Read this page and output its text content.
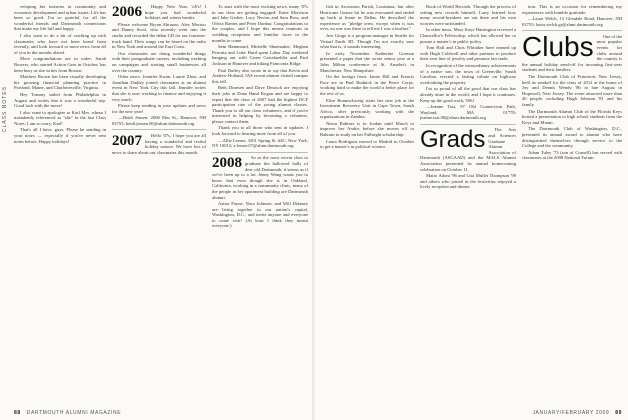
CLASS NOTES

veloping her interests in community and economic development and urban issues. Life has been so good. I'm so grateful for all the wonderful friends and Dartmouth connections that make my life full and happy.

I also want to do a bit of catching up with classmates who have not been heard from recently, and look forward to more news from all of you in the months ahead.

More congratulations are in order: Sarah Bowers, who started Action Gear in October, has been busy as she writes from Boston.

Matthew Brown has been visually developing his growing financial planning practice in Portland, Maine, and Charlottesville, Virginia.

Hey Tommy sailed from Philadelphia in August and writes that it was a wonderful trip. Good luck with the move!

I also want to apologize to Karl Mer, whom I mistakenly referenced as "she" in the last Class Notes. I am so sorry, Karl!

That's all I have, guys. Please be sending in your notes — especially if you've never sent notes before. Happy holidays!

2006	Happy New Year, 'o6's! I hope you had wonderful holidays and winter breaks.

Please welcome Bryan Abruzzo, Alex Morriss and Danny Scott, who recently went into the studio and recorded the debut CD for our fourteen-track band. Their songs can be heard on the radio in New York and around the East Coast.

Our classmates are doing wonderful things with their postgraduate careers, including working on campaigns and starting small businesses all over the country.

Other news: Jennifer Kwan, Laurie Zhou, and Jonathan Dudley joined classmates at an alumni event in New York City this fall. Jennifer writes that she is now working in finance and enjoying it very much.

Please keep sending in your updates and news for the new year!

—Heidi Jensen, 2006 Elm St., Hanover, NH 03755; heidi.jensen.06@alum.dartmouth.org

2007	Hello '07s, I hope you are all having a wonderful and restful holiday season. We have lots of news to share about our classmates this month.

To start with the most exciting news, many '07s in our class are getting engaged: Katie Morrison and Jake Gerber, Lucy Nevins and Sam Ross, and Olivia Barnes and Peter Dunbar. Congratulations to the couples, and I hope this means reunions in wedding receptions and familiar faces in the months to come.

Sam Hammond, Michelle Shuemaker, Meghan Perrotta and Luke Hurd spent Labor Day weekend hanging out with Gwen Geissbuehler and Paul Jackson in Hanover and hiking Franconia Ridge.

Paul Duffey also wrote in to say that Kevin and Andrew Holland, IAS recent alumni visited campus this fall.

Beth Dinesen and Dave Deutsch are enjoying their jobs at Dana Hand Kogan and are happy to report that the class of 2007 had the highest DCF participation rate of the young alumni classes. Thank you to all our class volunteers, and if you're interested in helping by becoming a volunteer, please contact them.

Thank you to all those who sent in updates. I look forward to hearing more from all of you.

—Allie Lerner, 3301 Spring St. #4C, New York, NY 10013; a.lerner.07@alum.dartmouth.org

2008	So as the most recent class to graduate the hallowed halls of dear old Dartmouth, it seems as if we've been up to a lot. Jenny Wang wants you to know that even though she is in Oakland, California, working in a community clinic, many of the people in her apartment building are Dartmouth alumni.

Aaron Payne, Nora Johnson, and Will Delaney are living together in our nation's capital, Washington, D.C., and invite anyone and everyone to come visit! (At least I think they meant everyone.)

88 DARTMOUTH ALUMNI MAGAZINE

fish in Ascension Parish, Louisiana, but after Hurricane Gustav hit he was evacuated and ended up back at home in Dallas. He described the experience as "pledge term, except when it was over, no one was there to tell me I was a brother."

Jess Giugo is a program manager in Seattle for Virtual Earth 3D. Though I'm not exactly sure what that is, it sounds interesting.

In early November Katherine Gorman presented a paper that she wrote senior year at a John Milton conference at St. Anselm's in Manchester, New Hampshire.

On the foreign front: Jamie Hill and Francis Pace are in Paul Rudnick in the Peace Corps, working hard to make the world a better place for the rest of us.

Elise Braunschweig starts her new job at the Investment Recovery Unit in Cape Town, South Africa, after previously working with the organizations in Zambia.

Nessa Rabiner is in Jordan until March to improve her Arabic before she moves off to Bahrain to study on her Fulbright scholarship.

Laura Rodriguez moved to Madrid in October to get a master's in political science.

Book of World Records. Through the process of setting new records himself, Larry learned how many record-breakers are out there and his own worries were unfounded.

In other news, Mary Kaye Harrington received a Chancellor's Fellowship, which has allowed her to pursue a master's in public policy.

Tom Hall and Chris Whitaker have teamed up with Hugh Coldwell and other partners to produce their own line of jewelry and promote fair trade.

In recognition of the extraordinary achievements of a native son, the town of Greenville, South Carolina, erected a lasting tribute on highway overlooking the property.

I'm so proud of all the good that our class has already done in the world, and I hope it continues. Keep up the good work, '08s!

—Jeanne Tsai, 97 Old Connecticut Path, Wayland, MA 01778; jeanne.tsai.08@alum.dartmouth.org

Grads	The Arts and Sciences Graduate Alumni Association of Dartmouth (ASGAAD) and the MALS Alumni Association presented its annual homecoming celebration on October 11.

Mario Adoni '96 and Lisa Mullet Thompson '99 and others who joined in the festivities enjoyed a lively reception and dinner.

tion. This is an occasion for remembering my experiences with humble gratitude.

—Laura Welch, 13 Glendale Road, Hanover, NH 03755; laura.welch.gr@alum.dartmouth.org

Clubs	One of the most popular events for clubs around the country is the annual holiday send-off for incoming first-year students and their families.

The Dartmouth Club of Princeton, New Jersey, held its sendoff for the class of 2012 at the home of Joy and Dennis Wendy '86 in late August in Hopewell, New Jersey. The event attracted more than 40 people, including Hugh Johnson '81 and his family.

The Dartmouth Alumni Club of the Florida Keys hosted a presentation to high school students from the Keys and Miami.

The Dartmouth Club of Washington, D.C., presented its annual award to alumni who have distinguished themselves through service to the College and the community.

Adam Tuley '73 (son of Cornell) has served with classmates at the 2008 National Forum.

JANUARY/FEBRUARY 2009 89
